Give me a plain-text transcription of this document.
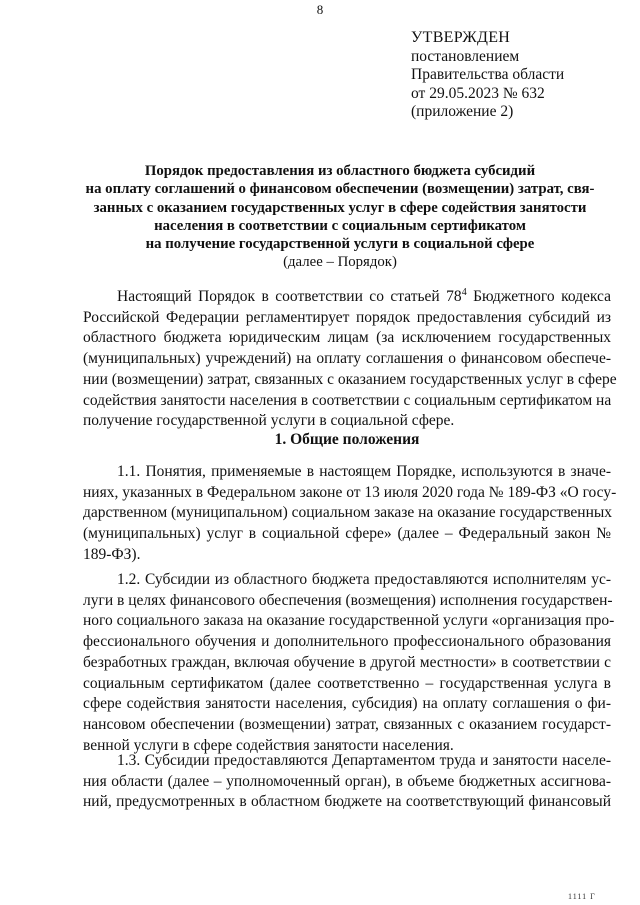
8
УТВЕРЖДЕН
постановлением
Правительства области
от 29.05.2023 № 632
(приложение 2)
Порядок предоставления из областного бюджета субсидий
на оплату соглашений о финансовом обеспечении (возмещении) затрат, свя-
занных с оказанием государственных услуг в сфере содействия занятости
населения в соответствии с социальным сертификатом
на получение государственной услуги в социальной сфере
(далее – Порядок)
Настоящий Порядок в соответствии со статьей $78^4$ Бюджетного кодекса
Российской Федерации регламентирует порядок предоставления субсидий из
областного бюджета юридическим лицам (за исключением государственных
(муниципальных) учреждений) на оплату соглашения о финансовом обеспече-
нии (возмещении) затрат, связанных с оказанием государственных услуг в сфере
содействия занятости населения в соответствии с социальным сертификатом на
получение государственной услуги в социальной сфере.
1. Общие положения
1.1. Понятия, применяемые в настоящем Порядке, используются в значе-
ниях, указанных в Федеральном законе от 13 июля 2020 года № 189-ФЗ «О госу-
дарственном (муниципальном) социальном заказе на оказание государственных
(муниципальных) услуг в социальной сфере» (далее – Федеральный закон №
189-ФЗ).
1.2. Субсидии из областного бюджета предоставляются исполнителям ус-
луги в целях финансового обеспечения (возмещения) исполнения государствен-
ного социального заказа на оказание государственной услуги «организация про-
фессионального обучения и дополнительного профессионального образования
безработных граждан, включая обучение в другой местности» в соответствии с
социальным сертификатом (далее соответственно – государственная услуга в
сфере содействия занятости населения, субсидия) на оплату соглашения о фи-
нансовом обеспечении (возмещении) затрат, связанных с оказанием государст-
венной услуги в сфере содействия занятости населения.
1.3. Субсидии предоставляются Департаментом труда и занятости населе-
ния области (далее – уполномоченный орган), в объеме бюджетных ассигнова-
ний, предусмотренных в областном бюджете на соответствующий финансовый
1111 Г
